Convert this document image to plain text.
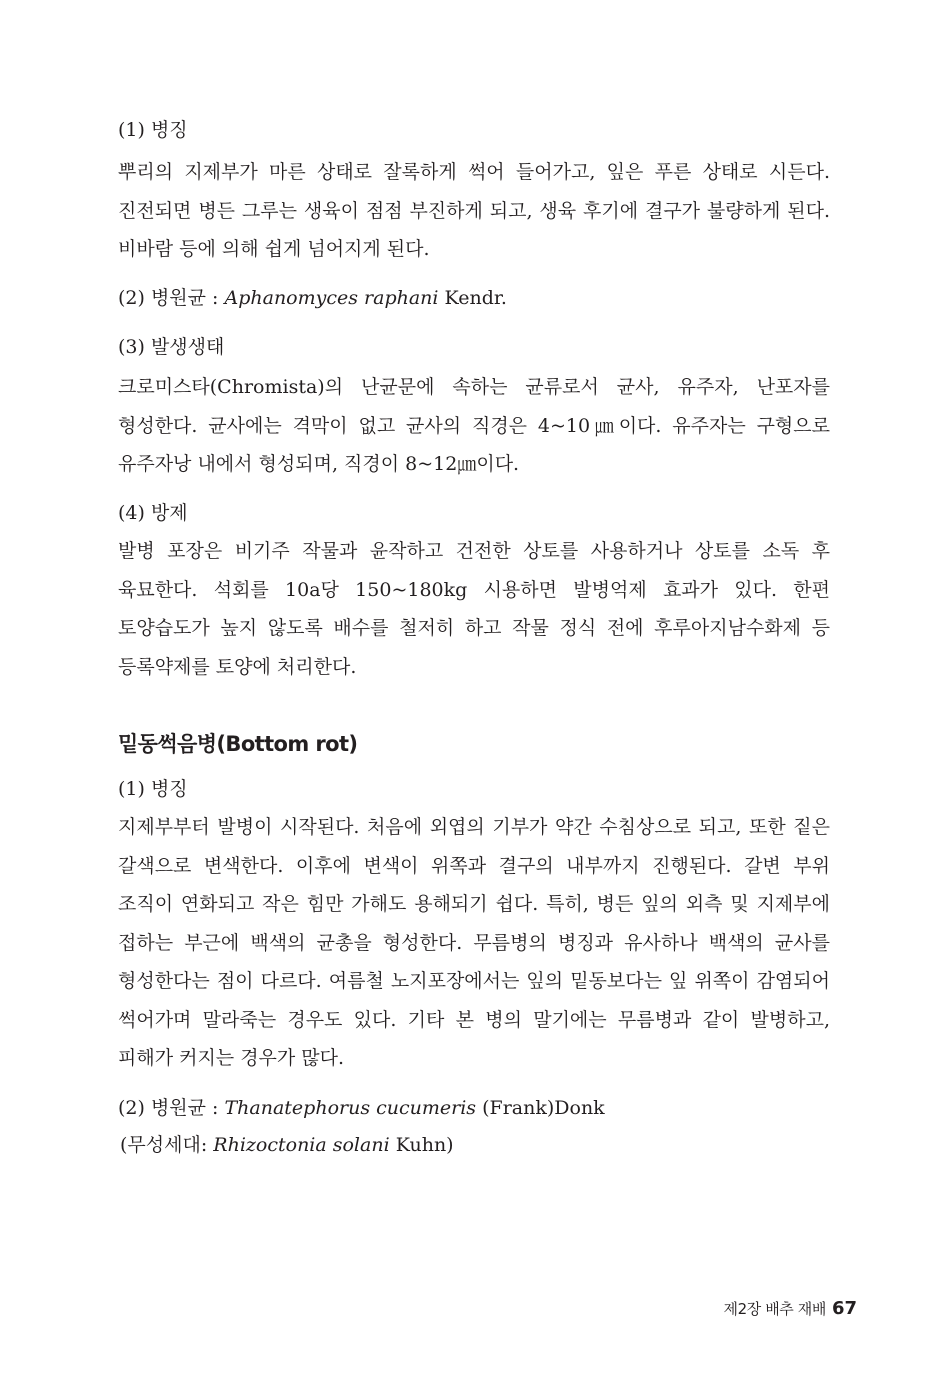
(1) 병징

뿌리의 지제부가 마른 상태로 잘록하게 썩어 들어가고, 잎은 푸른 상태로 시든다. 진전되면 병든 그루는 생육이 점점 부진하게 되고, 생육 후기에 결구가 불량하게 된다. 비바람 등에 의해 쉽게 넘어지게 된다.

(2) 병원균 : Aphanomyces raphani Kendr.
(3) 발생생태

크로미스타(Chromista)의 난균문에 속하는 균류로서 균사, 유주자, 난포자를 형성한다. 균사에는 격막이 없고 균사의 직경은 4~10㎛이다. 유주자는 구형으로 유주자낭 내에서 형성되며, 직경이 8~12㎛이다.

(4) 방제

발병 포장은 비기주 작물과 윤작하고 건전한 상토를 사용하거나 상토를 소독 후 육묘한다. 석회를 10a당 150~180kg 시용하면 발병억제 효과가 있다. 한편 토양습도가 높지 않도록 배수를 철저히 하고 작물 정식 전에 후루아지남수화제 등 등록약제를 토양에 처리한다.

밑동썩음병(Bottom rot)
(1) 병징

지제부부터 발병이 시작된다. 처음에 외엽의 기부가 약간 수침상으로 되고, 또한 짙은 갈색으로 변색한다. 이후에 변색이 위쪽과 결구의 내부까지 진행된다. 갈변 부위 조직이 연화되고 작은 힘만 가해도 용해되기 쉽다. 특히, 병든 잎의 외측 및 지제부에 접하는 부근에 백색의 균총을 형성한다. 무름병의 병징과 유사하나 백색의 균사를 형성한다는 점이 다르다. 여름철 노지포장에서는 잎의 밑동보다는 잎 위쪽이 감염되어 썩어가며 말라죽는 경우도 있다. 기타 본 병의 말기에는 무름병과 같이 발병하고, 피해가 커지는 경우가 많다.

(2) 병원균 : Thanatephorus cucumeris (Frank)Donk
(무성세대: Rhizoctonia solani Kuhn)
제2장 배추 재배 67
